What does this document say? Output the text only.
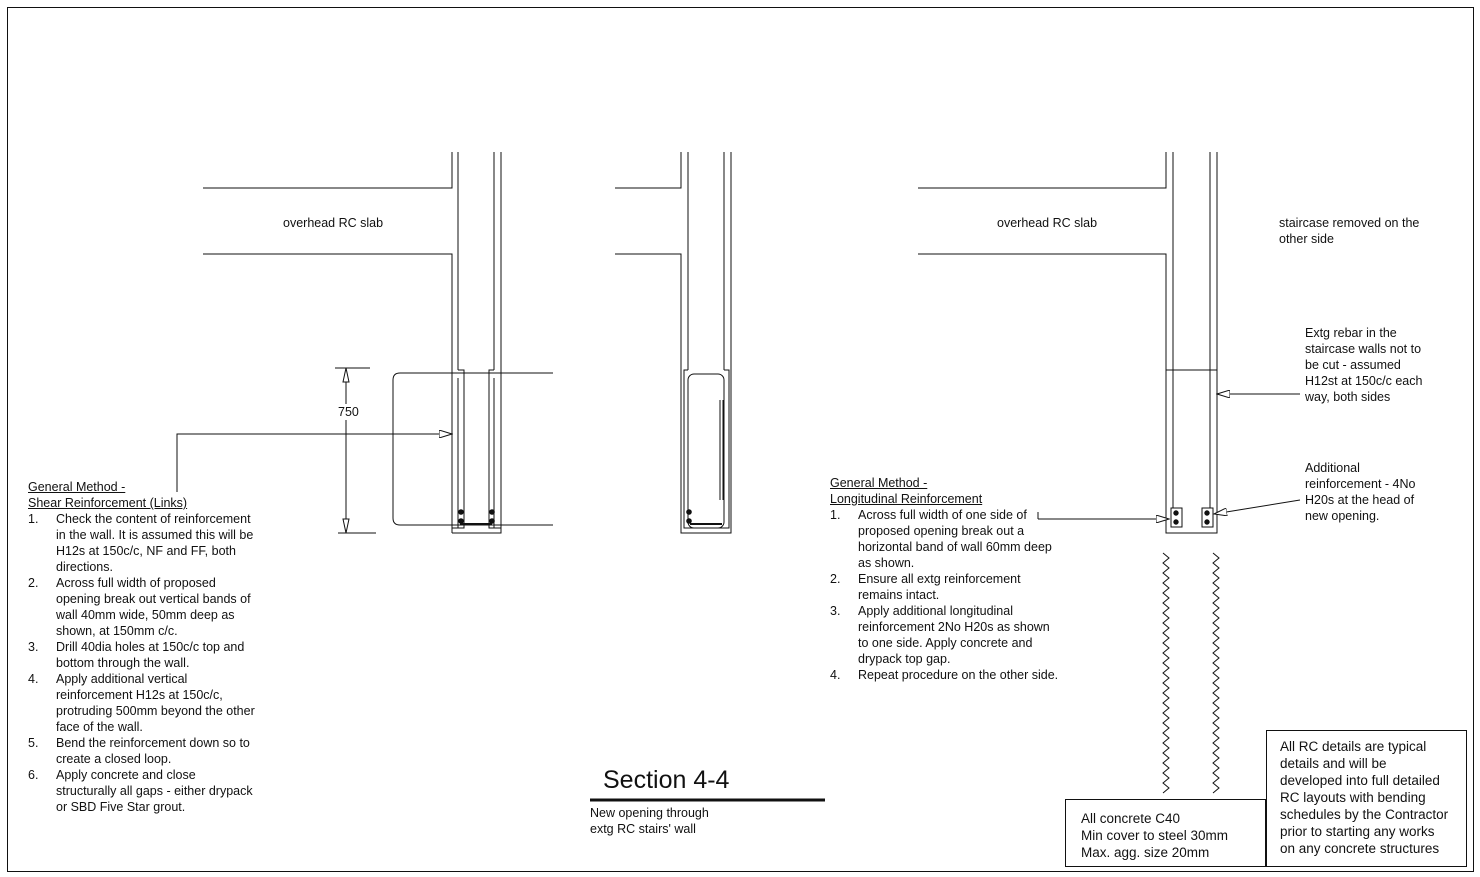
overhead RC slab	overhead RC slab
750
staircase removed on the
other side
Extg rebar in the
staircase walls not to
be cut - assumed
H12st at 150c/c each
way, both sides
Additional
reinforcement - 4No
H20s at the head of
new opening.
General Method -
Shear Reinforcement (Links)
1. Check the content of reinforcement
in the wall. It is assumed this will be
H12s at 150c/c, NF and FF, both
directions.
2. Across full width of proposed
opening break out vertical bands of
wall 40mm wide, 50mm deep as
shown, at 150mm c/c.
3. Drill 40dia holes at 150c/c top and
bottom through the wall.
4. Apply additional vertical
reinforcement H12s at 150c/c,
protruding 500mm beyond the other
face of the wall.
5. Bend the reinforcement down so to
create a closed loop.
6. Apply concrete and close
structurally all gaps - either drypack
or SBD Five Star grout.
General Method -
Longitudinal Reinforcement
1. Across full width of one side of
proposed opening break out a
horizontal band of wall 60mm deep
as shown.
2. Ensure all extg reinforcement
remains intact.
3. Apply additional longitudinal
reinforcement 2No H20s as shown
to one side. Apply concrete and
drypack top gap.
4. Repeat procedure on the other side.
Section 4-4
New opening through
extg RC stairs' wall
All concrete C40
Min cover to steel 30mm
Max. agg. size 20mm
All RC details are typical
details and will be
developed into full detailed
RC layouts with bending
schedules by the Contractor
prior to starting any works
on any concrete structures
